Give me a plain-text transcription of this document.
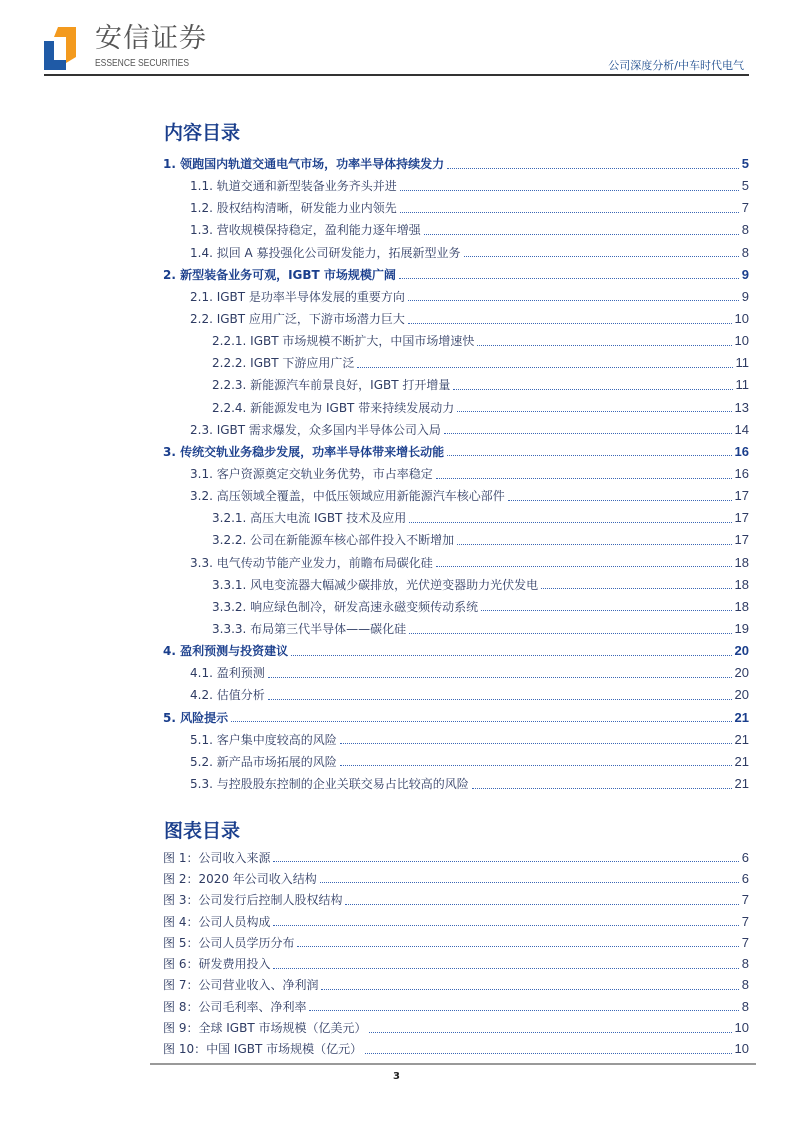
安信证券
ESSENCE SECURITIES	公司深度分析/中车时代电气
内容目录
1. 领跑国内轨道交通电气市场，功率半导体持续发力	5
1.1. 轨道交通和新型装备业务齐头并进	5
1.2. 股权结构清晰，研发能力业内领先	7
1.3. 营收规模保持稳定，盈利能力逐年增强	8
1.4. 拟回 A 募投强化公司研发能力，拓展新型业务	8
2. 新型装备业务可观，IGBT 市场规模广阔	9
2.1. IGBT 是功率半导体发展的重要方向	9
2.2. IGBT 应用广泛，下游市场潜力巨大	10
2.2.1. IGBT 市场规模不断扩大，中国市场增速快	10
2.2.2. IGBT 下游应用广泛	11
2.2.3. 新能源汽车前景良好，IGBT 打开增量	11
2.2.4. 新能源发电为 IGBT 带来持续发展动力	13
2.3. IGBT 需求爆发，众多国内半导体公司入局	14
3. 传统交轨业务稳步发展，功率半导体带来增长动能	16
3.1. 客户资源奠定交轨业务优势，市占率稳定	16
3.2. 高压领域全覆盖，中低压领域应用新能源汽车核心部件	17
3.2.1. 高压大电流 IGBT 技术及应用	17
3.2.2. 公司在新能源车核心部件投入不断增加	17
3.3. 电气传动节能产业发力，前瞻布局碳化硅	18
3.3.1. 风电变流器大幅减少碳排放，光伏逆变器助力光伏发电	18
3.3.2. 响应绿色制冷，研发高速永磁变频传动系统	18
3.3.3. 布局第三代半导体——碳化硅	19
4. 盈利预测与投资建议	20
4.1. 盈利预测	20
4.2. 估值分析	20
5. 风险提示	21
5.1. 客户集中度较高的风险	21
5.2. 新产品市场拓展的风险	21
5.3. 与控股股东控制的企业关联交易占比较高的风险	21
图表目录
图 1：公司收入来源	6
图 2：2020 年公司收入结构	6
图 3：公司发行后控制人股权结构	7
图 4：公司人员构成	7
图 5：公司人员学历分布	7
图 6：研发费用投入	8
图 7：公司营业收入、净利润	8
图 8：公司毛利率、净利率	8
图 9：全球 IGBT 市场规模（亿美元）	10
图 10：中国 IGBT 市场规模（亿元）	10
3
